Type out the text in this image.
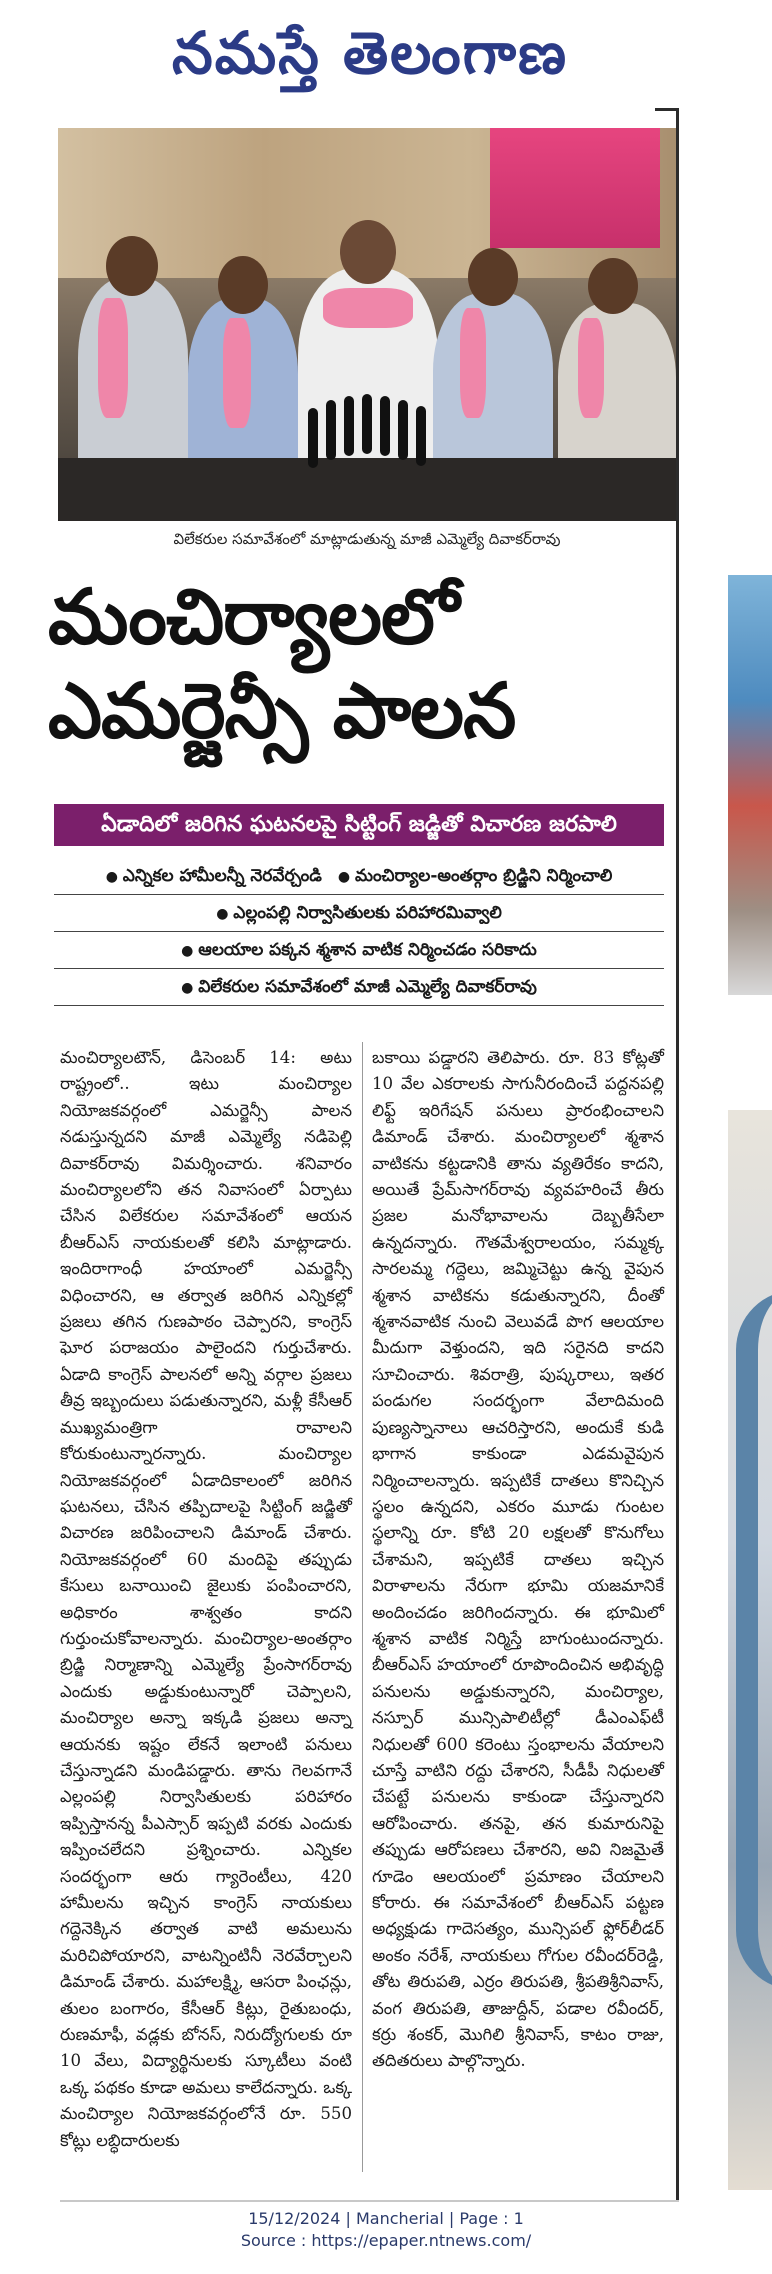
నమస్తే తెలంగాణ
విలేకరుల సమావేశంలో మాట్లాడుతున్న మాజీ ఎమ్మెల్యే దివాకర్‌రావు
మంచిర్యాలలో
ఎమర్జెన్సీ పాలన
ఏడాదిలో జరిగిన ఘటనలపై సిట్టింగ్ జడ్జితో విచారణ జరపాలి
● ఎన్నికల హామీలన్నీ నెరవేర్చండి
●	మంచిర్యాల-అంతర్గాం బ్రిడ్జిని నిర్మించాలి
● ఎల్లంపల్లి నిర్వాసితులకు పరిహారమివ్వాలి
● ఆలయాల పక్కన శ్మశాన వాటిక నిర్మించడం సరికాదు
● విలేకరుల సమావేశంలో మాజీ ఎమ్మెల్యే దివాకర్‌రావు
మంచిర్యాలటౌన్, డిసెంబర్ 14: అటు రాష్ట్రంలో.. ఇటు మంచిర్యాల నియోజకవర్గంలో ఎమర్జెన్సీ పాలన నడుస్తున్నదని మాజీ ఎమ్మెల్యే నడిపెల్లి దివాకర్‌రావు విమర్శించారు. శనివారం మంచిర్యాలలోని తన నివాసంలో ఏర్పాటు చేసిన విలేకరుల సమావేశంలో ఆయన బీఆర్‌ఎస్ నాయకులతో కలిసి మాట్లాడారు. ఇందిరాగాంధీ హయాంలో ఎమర్జెన్సీ విధించారని, ఆ తర్వాత జరిగిన ఎన్నికల్లో ప్రజలు తగిన గుణపాఠం చెప్పారని, కాంగ్రెస్ ఘోర పరాజయం పాలైందని గుర్తుచేశారు. ఏడాది కాంగ్రెస్ పాలనలో అన్ని వర్గాల ప్రజలు తీవ్ర ఇబ్బందులు పడుతున్నారని, మళ్లీ కేసీఆర్ ముఖ్యమంత్రిగా రావాలని కోరుకుంటున్నారన్నారు. మంచిర్యాల నియోజకవర్గంలో ఏడాదికాలంలో జరిగిన ఘటనలు, చేసిన తప్పిదాలపై సిట్టింగ్ జడ్జితో విచారణ జరిపించాలని డిమాండ్ చేశారు. నియోజకవర్గంలో 60 మందిపై తప్పుడు కేసులు బనాయించి జైలుకు పంపించారని, అధికారం శాశ్వతం కాదని గుర్తుంచుకోవాలన్నారు. మంచిర్యాల-అంతర్గాం బ్రిడ్జి నిర్మాణాన్ని ఎమ్మెల్యే ప్రేంసాగర్‌రావు ఎందుకు అడ్డుకుంటున్నారో చెప్పాలని, మంచిర్యాల అన్నా ఇక్కడి ప్రజలు అన్నా ఆయనకు ఇష్టం లేకనే ఇలాంటి పనులు చేస్తున్నాడని మండిపడ్డారు. తాను గెలవగానే ఎల్లంపల్లి నిర్వాసితులకు పరిహారం ఇప్పిస్తానన్న పీఎస్సార్ ఇప్పటి వరకు ఎందుకు ఇప్పించలేదని ప్రశ్నించారు. ఎన్నికల సందర్భంగా ఆరు గ్యారెంటీలు, 420 హామీలను ఇచ్చిన కాంగ్రెస్ నాయకులు గద్దెనెక్కిన తర్వాత వాటి అమలును మరిచిపోయారని, వాటన్నింటినీ నెరవేర్చాలని డిమాండ్ చేశారు. మహాలక్ష్మి, ఆసరా పింఛన్లు, తులం బంగారం, కేసీఆర్ కిట్లు, రైతుబంధు, రుణమాఫీ, వడ్లకు బోనస్, నిరుద్యోగులకు రూ 10 వేలు, విద్యార్థినులకు స్కూటీలు వంటి ఒక్క పథకం కూడా అమలు కాలేదన్నారు. ఒక్క మంచిర్యాల నియోజకవర్గంలోనే రూ. 550 కోట్లు లబ్ధిదారులకు
బకాయి పడ్డారని తెలిపారు. రూ. 83 కోట్లతో 10 వేల ఎకరాలకు సాగునీరందించే పద్దనపల్లి లిఫ్ట్ ఇరిగేషన్ పనులు ప్రారంభించాలని డిమాండ్ చేశారు. మంచిర్యాలలో శ్మశాన వాటికను కట్టడానికి తాను వ్యతిరేకం కాదని, అయితే ప్రేమ్‌సాగర్‌రావు వ్యవహరించే తీరు ప్రజల మనోభావాలను దెబ్బతీసేలా ఉన్నదన్నారు. గౌతమేశ్వరాలయం, సమ్మక్క సారలమ్మ గద్దెలు, జమ్మిచెట్టు ఉన్న వైపున శ్మశాన వాటికను కడుతున్నారని, దీంతో శ్మశానవాటిక నుంచి వెలువడే పొగ ఆలయాల మీదుగా వెళ్తుందని, ఇది సరైనది కాదని సూచించారు. శివరాత్రి, పుష్కరాలు, ఇతర పండుగల సందర్భంగా వేలాదిమంది పుణ్యస్నానాలు ఆచరిస్తారని, అందుకే కుడి భాగాన కాకుండా ఎడమవైపున నిర్మించాలన్నారు. ఇప్పటికే దాతలు కొనిచ్చిన స్థలం ఉన్నదని, ఎకరం మూడు గుంటల స్థలాన్ని రూ. కోటి 20 లక్షలతో కొనుగోలు చేశామని, ఇప్పటికే దాతలు ఇచ్చిన విరాళాలను నేరుగా భూమి యజమానికే అందించడం జరిగిందన్నారు. ఈ భూమిలో శ్మశాన వాటిక నిర్మిస్తే బాగుంటుందన్నారు. బీఆర్‌ఎస్ హయాంలో రూపొందించిన అభివృద్ధి పనులను అడ్డుకున్నారని, మంచిర్యాల, నస్పూర్ మున్సిపాలిటీల్లో డీఎంఎఫ్‌టీ నిధులతో 600 కరెంటు స్తంభాలను వేయాలని చూస్తే వాటిని రద్దు చేశారని, సీడీపీ నిధులతో చేపట్టే పనులను కాకుండా చేస్తున్నారని ఆరోపించారు. తనపై, తన కుమారునిపై తప్పుడు ఆరోపణలు చేశారని, అవి నిజమైతే గూడెం ఆలయంలో ప్రమాణం చేయాలని కోరారు. ఈ సమావేశంలో బీఆర్‌ఎస్ పట్టణ అధ్యక్షుడు గాదెసత్యం, మున్సిపల్ ఫ్లోర్‌లీడర్ అంకం నరేశ్, నాయకులు గోగుల రవీందర్‌రెడ్డి, తోట తిరుపతి, ఎర్రం తిరుపతి, శ్రీపతిశ్రీనివాస్, వంగ తిరుపతి, తాజుద్దీన్, పడాల రవీందర్, కర్రు శంకర్, మొగిలి శ్రీనివాస్, కాటం రాజు, తదితరులు పాల్గొన్నారు.
15/12/2024 | Mancherial | Page : 1
Source : https://epaper.ntnews.com/
